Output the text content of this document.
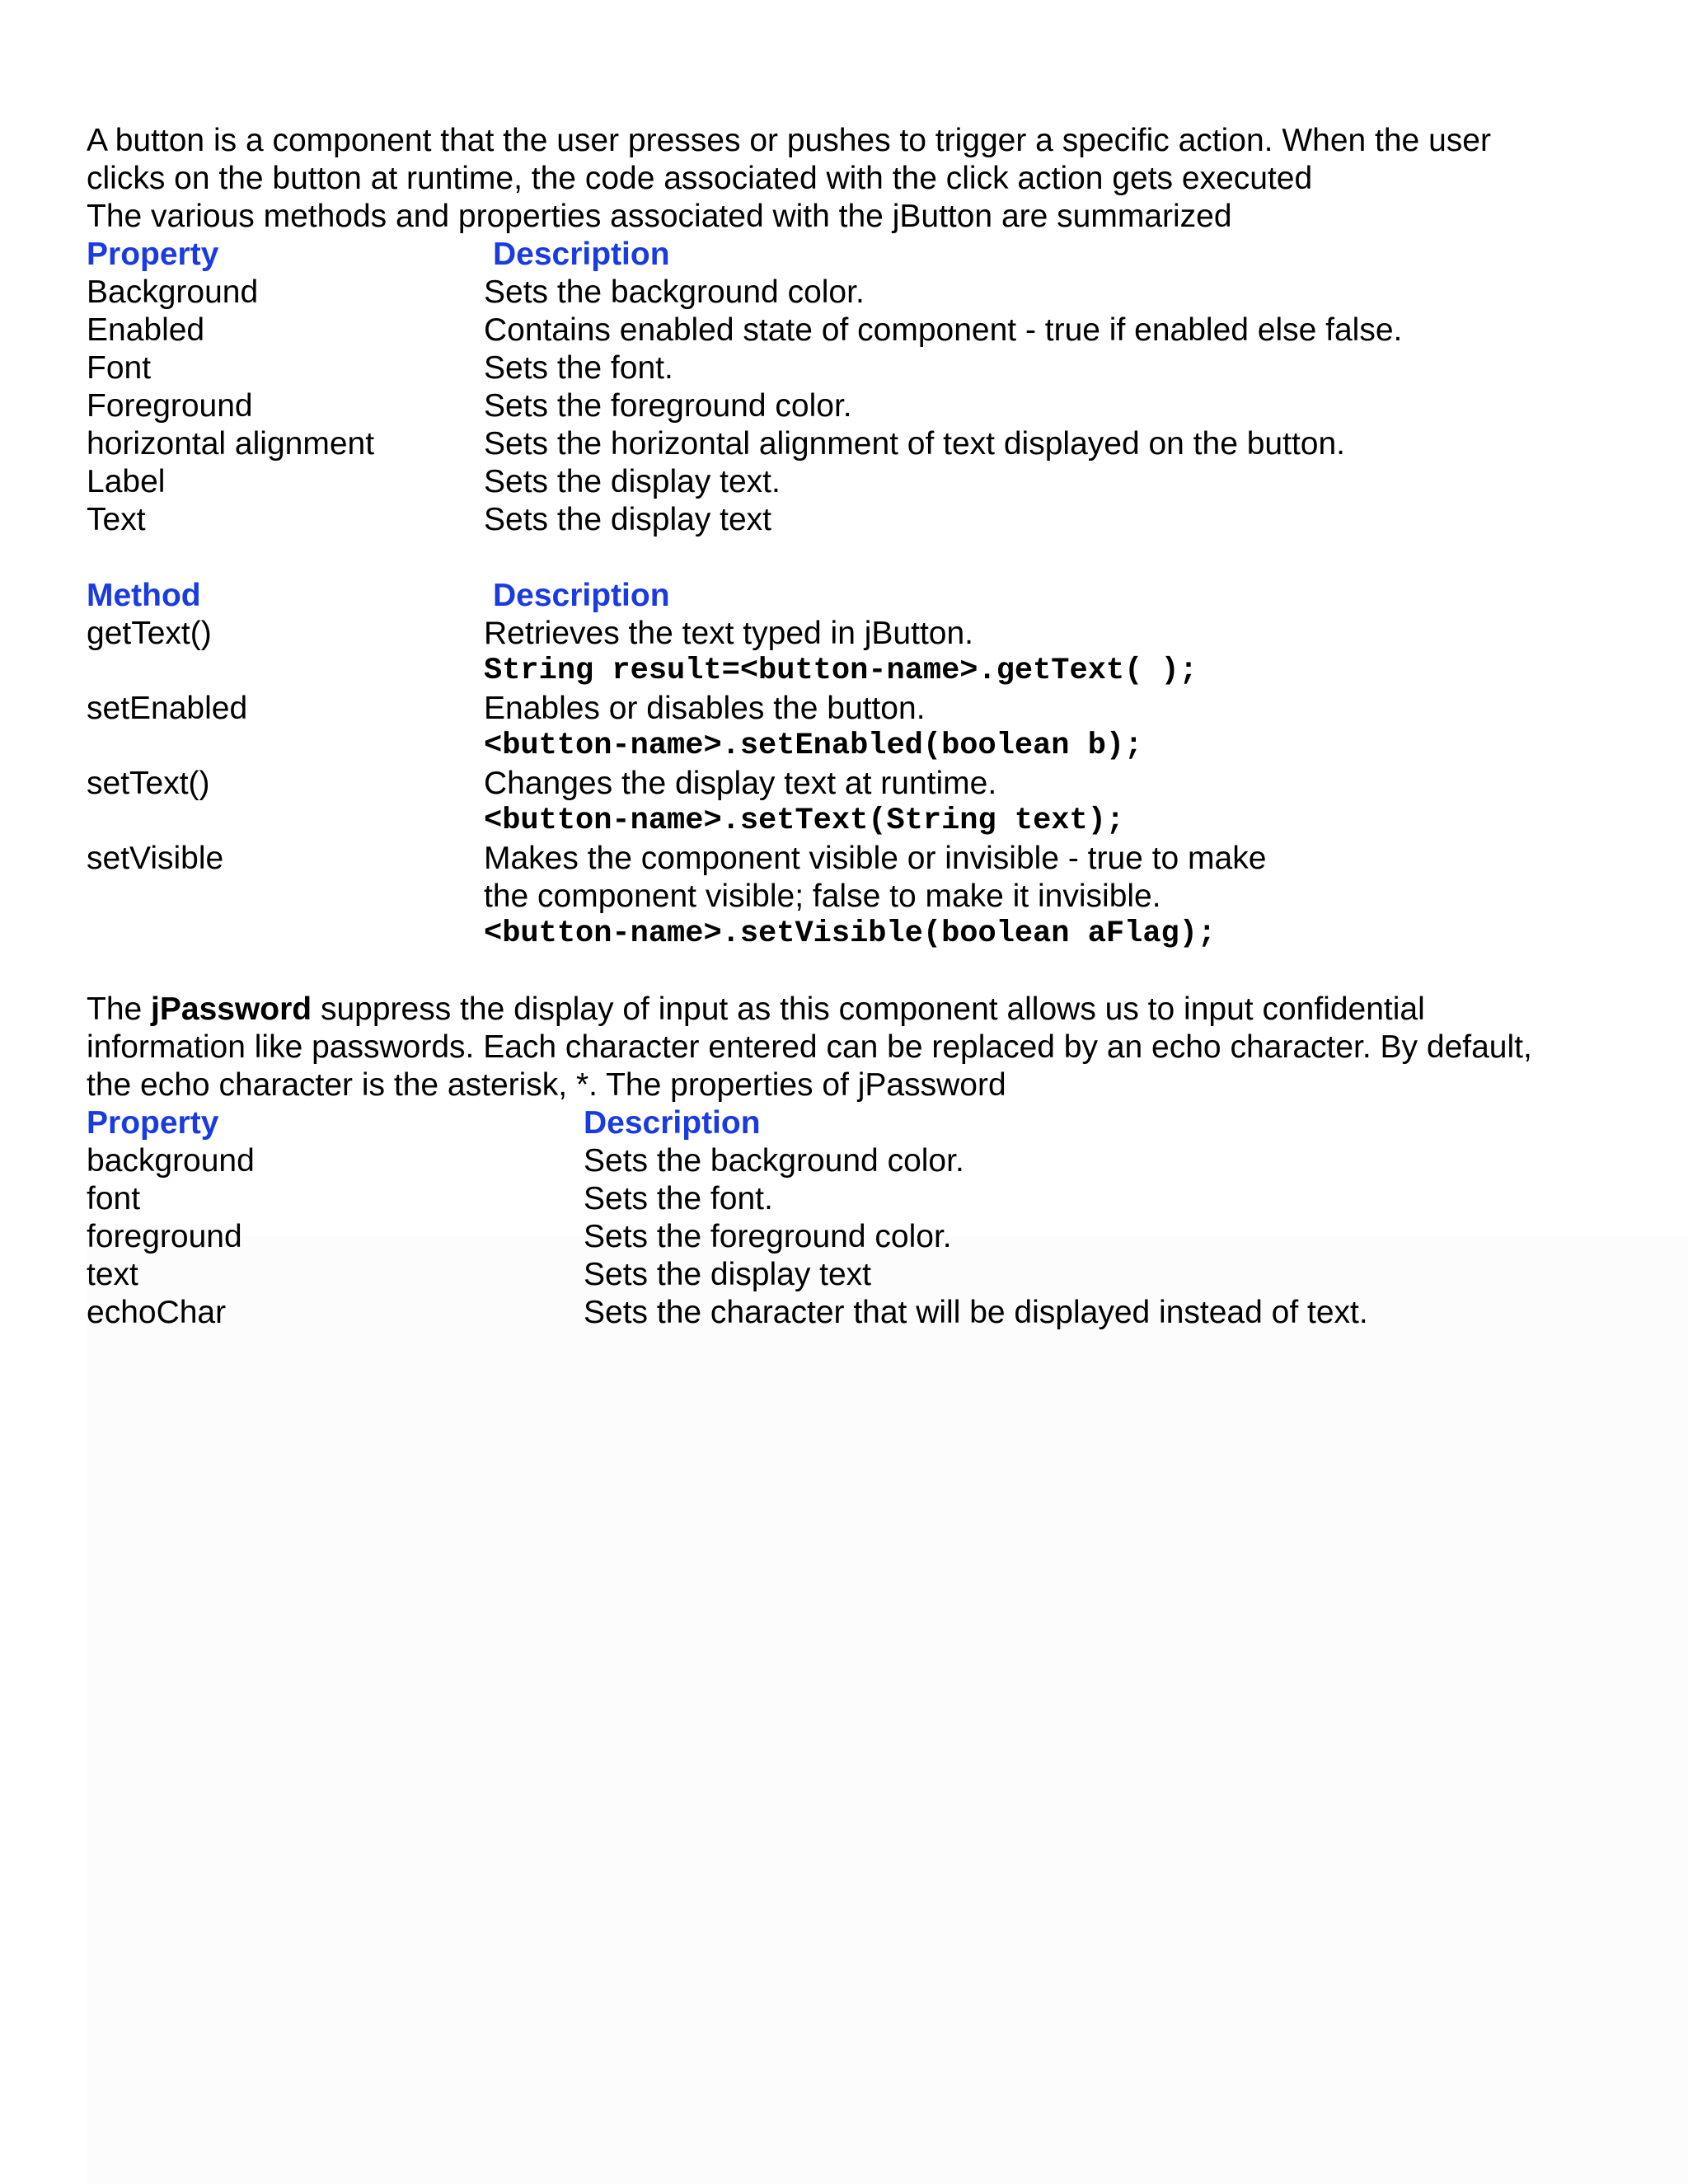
A button is a component that the user presses or pushes to trigger a specific action. When the user
clicks on the button at runtime, the code associated with the click action gets executed
The various methods and properties associated with the jButton are summarized
Property	Description
Background	Sets the background color.
Enabled	Contains enabled state of component - true if enabled else false.
Font	Sets the font.
Foreground	Sets the foreground color.
horizontal alignment	Sets the horizontal alignment of text displayed on the button.
Label	Sets the display text.
Text	Sets the display text
Method	Description
getText()	Retrieves the text typed in jButton.
String result=<button-name>.getText( );
setEnabled	Enables or disables the button.
<button-name>.setEnabled(boolean b);
setText()	Changes the display text at runtime.
<button-name>.setText(String text);
setVisible	Makes the component visible or invisible - true to make
the component visible; false to make it invisible.
<button-name>.setVisible(boolean aFlag);
The jPassword suppress the display of input as this component allows us to input confidential
information like passwords. Each character entered can be replaced by an echo character. By default,
the echo character is the asterisk, *. The properties of jPassword
Property	Description
background	Sets the background color.
font	Sets the font.
foreground	Sets the foreground color.
text	Sets the display text
echoChar	Sets the character that will be displayed instead of text.
